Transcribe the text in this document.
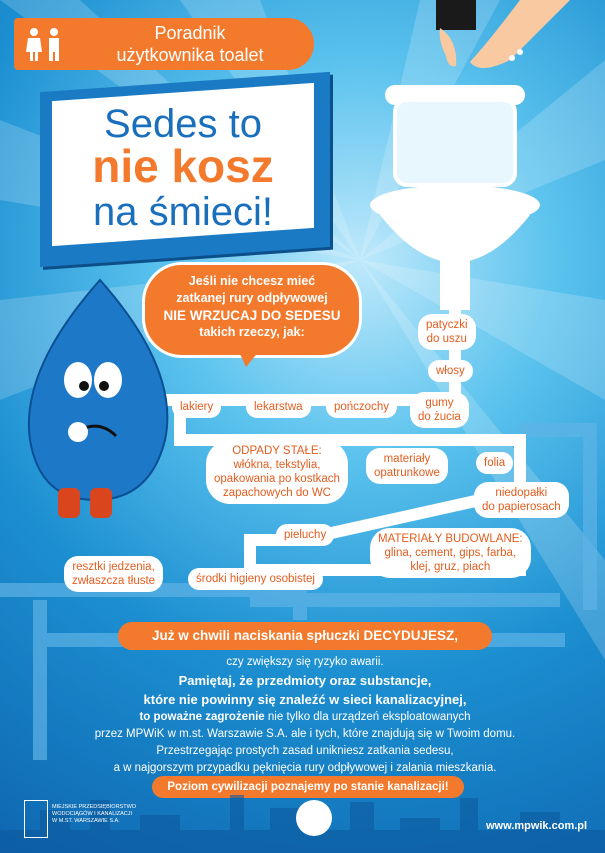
Poradnik
użytkownika toalet
Sedes to
nie kosz
na śmieci!

Jeśli nie chcesz mieć

zatkanej rury odpływowej

NIE WRZUCAJ DO SEDESU

takich rzeczy, jak:	patyczki
do uszu
włosy
gumy
do żucia
pończochy
lekarstwa
lakiery
ODPADY STAŁE:
włókna, tekstylia,
opakowania po kostkach
zapachowych do WC
materiały
opatrunkowe
folia
niedopałki
do papierosach
pieluchy	MATERIAŁY BUDOWLANE:
glina, cement, gips, farba,
klej, gruz, piach
resztki jedzenia,
zwłaszcza tłuste	środki higieny osobistej
Już w chwili naciskania spłuczki DECYDUJESZ,

czy zwiększy się ryzyko awarii.

Pamiętaj, że przedmioty oraz substancje,

które nie powinny się znaleźć w sieci kanalizacyjnej,

to poważne zagrożenie nie tylko dla urządzeń eksploatowanych

przez MPWiK w m.st. Warszawie S.A. ale i tych, które znajdują się w Twoim domu.

Przestrzegając prostych zasad unikniesz zatkania sedesu,

a w najgorszym przypadku pęknięcia rury odpływowej i zalania mieszkania.

Poziom cywilizacji poznajemy po stanie kanalizacji!
MIEJSKIE PRZEDSIĘBIORSTWO
WODOCIĄGÓW I KANALIZACJI
W M.ST. WARSZAWIE S.A.	www.mpwik.com.pl
